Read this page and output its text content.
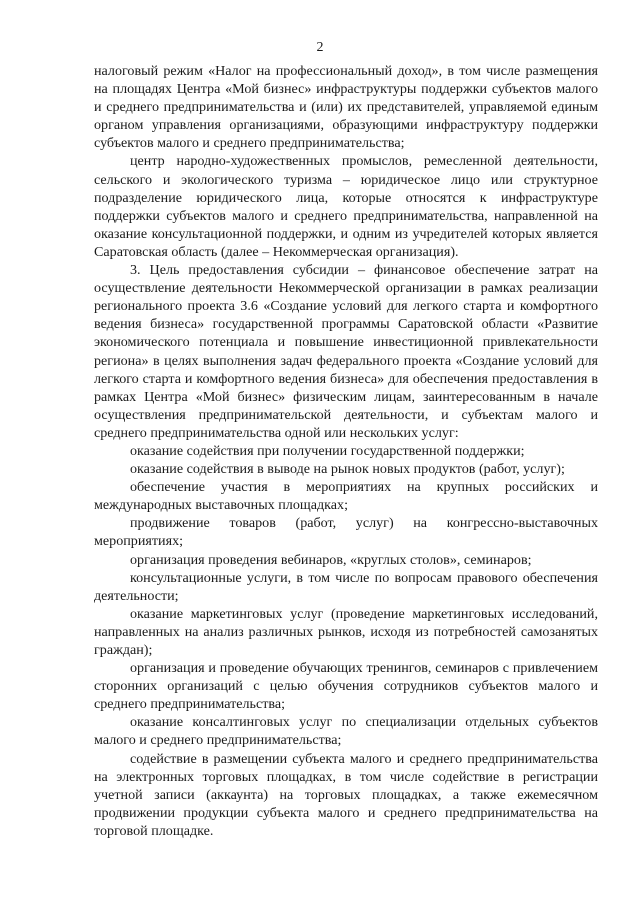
2

налоговый режим «Налог на профессиональный доход», в том числе размещения на площадях Центра «Мой бизнес» инфраструктуры поддержки субъектов малого и среднего предпринимательства и (или) их представителей, управляемой единым органом управления организациями, образующими инфраструктуру поддержки субъектов малого и среднего предпринимательства;

центр народно-художественных промыслов, ремесленной деятельности, сельского и экологического туризма – юридическое лицо или структурное подразделение юридического лица, которые относятся к инфраструктуре поддержки субъектов малого и среднего предпринимательства, направленной на оказание консультационной поддержки, и одним из учредителей которых является Саратовская область (далее – Некоммерческая организация).

3. Цель предоставления субсидии – финансовое обеспечение затрат на осуществление деятельности Некоммерческой организации в рамках реализации регионального проекта 3.6 «Создание условий для легкого старта и комфортного ведения бизнеса» государственной программы Саратовской области «Развитие экономического потенциала и повышение инвестиционной привлекательности региона» в целях выполнения задач федерального проекта «Создание условий для легкого старта и комфортного ведения бизнеса» для обеспечения предоставления в рамках Центра «Мой бизнес» физическим лицам, заинтересованным в начале осуществления предпринимательской деятельности, и субъектам малого и среднего предпринимательства одной или нескольких услуг:

оказание содействия при получении государственной поддержки;

оказание содействия в выводе на рынок новых продуктов (работ, услуг);

обеспечение участия в мероприятиях на крупных российских и международных выставочных площадках;

продвижение товаров (работ, услуг) на конгрессно-выставочных мероприятиях;

организация проведения вебинаров, «круглых столов», семинаров;

консультационные услуги, в том числе по вопросам правового обеспечения деятельности;

оказание маркетинговых услуг (проведение маркетинговых исследований, направленных на анализ различных рынков, исходя из потребностей самозанятых граждан);

организация и проведение обучающих тренингов, семинаров с привлечением сторонних организаций с целью обучения сотрудников субъектов малого и среднего предпринимательства;

оказание консалтинговых услуг по специализации отдельных субъектов малого и среднего предпринимательства;

содействие в размещении субъекта малого и среднего предпринимательства на электронных торговых площадках, в том числе содействие в регистрации учетной записи (аккаунта) на торговых площадках, а также ежемесячном продвижении продукции субъекта малого и среднего предпринимательства на торговой площадке.
